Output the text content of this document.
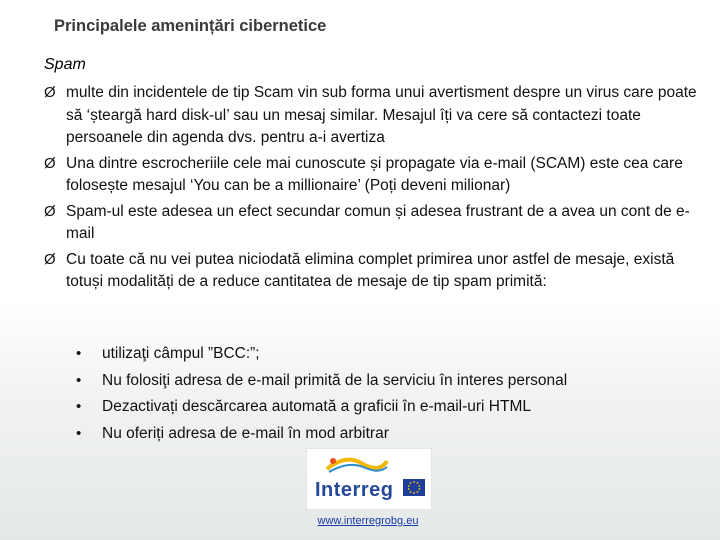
Principalele amenințări cibernetice
Spam
Ø multe din incidentele de tip Scam vin sub forma unui avertisment despre un virus care poate să ‘șteargă hard disk-ul’ sau un mesaj similar. Mesajul îți va cere să contactezi toate persoanele din agenda dvs. pentru a-i avertiza
Ø Una dintre escrocheriile cele mai cunoscute și propagate via e-mail (SCAM) este cea care folosește mesajul ‘You can be a millionaire’ (Poți deveni milionar)
Ø Spam-ul este adesea un efect secundar comun și adesea frustrant de a avea un cont de e-mail
Ø Cu toate că nu vei putea niciodată elimina complet primirea unor astfel de mesaje, există totuși modalități de a reduce cantitatea de mesaje de tip spam primită:
• utilizaţi câmpul ”BCC:”;
• Nu folosiţi adresa de e-mail primită de la serviciu în interes personal
• Dezactivați descărcarea automată a graficii în e-mail-uri HTML
• Nu oferiți adresa de e-mail în mod arbitrar
Interreg
www.interregrobg.eu
